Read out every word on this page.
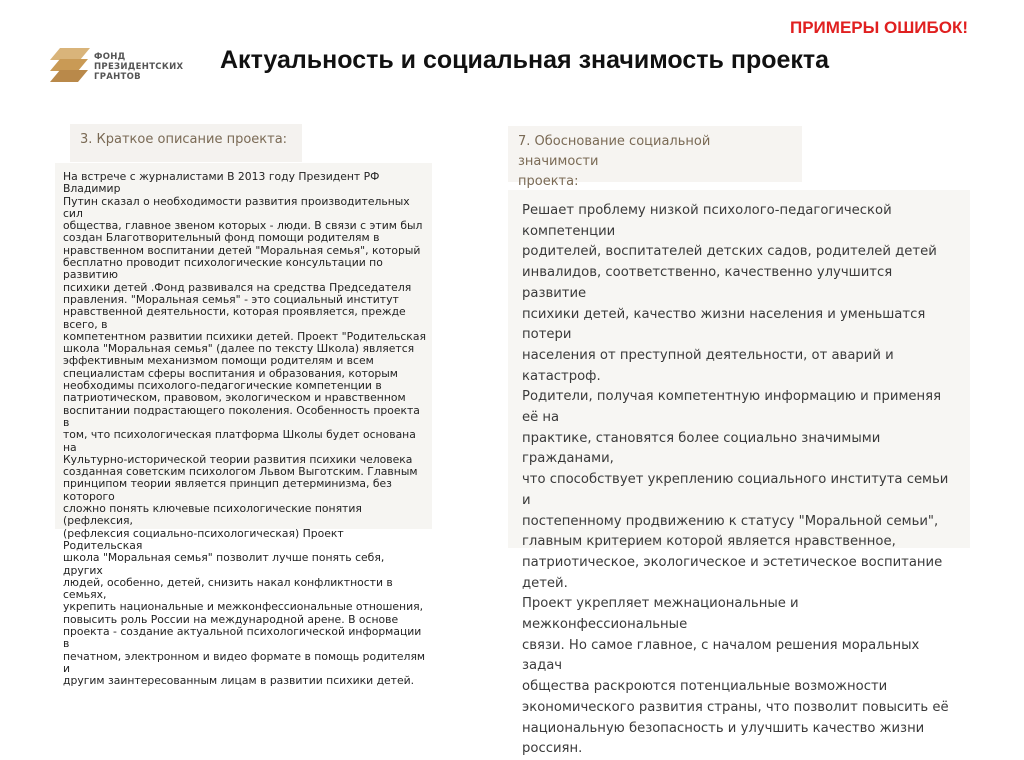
ФОНД
ПРЕЗИДЕНТСКИХ
ГРАНТОВ
ПРИМЕРЫ ОШИБОК!
Актуальность и социальная значимость проекта
3. Краткое описание проекта:

На встрече с журналистами В 2013 году Президент РФ Владимир
Путин сказал о необходимости развития производительных сил
общества, главное звеном которых - люди. В связи с этим был
создан Благотворительный фонд помощи родителям в
нравственном воспитании детей "Моральная семья", который
бесплатно проводит психологические консультации по развитию
психики детей .Фонд развивался на средства Председателя
правления. "Моральная семья" - это социальный институт
нравственной деятельности, которая проявляется, прежде всего, в
компетентном развитии психики детей. Проект "Родительская
школа "Моральная семья" (далее по тексту Школа) является
эффективным механизмом помощи родителям и всем
специалистам сферы воспитания и образования, которым
необходимы психолого-педагогические компетенции в
патриотическом, правовом, экологическом и нравственном
воспитании подрастающего поколения. Особенность проекта в
том, что психологическая платформа Школы будет основана на
Культурно-исторической теории развития психики человека
созданная советским психологом Львом Выготским. Главным
принципом теории является принцип детерминизма, без которого
сложно понять ключевые психологические понятия (рефлексия,
(рефлексия социально-психологическая) Проект Родительская
школа "Моральная семья" позволит лучше понять себя, других
людей, особенно, детей, снизить накал конфликтности в семьях,
укрепить национальные и межконфессиональные отношения,
повысить роль России на международной арене. В основе
проекта - создание актуальной психологической информации в
печатном, электронном и видео формате в помощь родителям и
другим заинтересованным лицам в развитии психики детей.

7. Обоснование социальной значимости
проекта:

Решает проблему низкой психолого-педагогической компетенции
родителей, воспитателей детских садов, родителей детей
инвалидов, соответственно, качественно улучшится развитие
психики детей, качество жизни населения и уменьшатся потери
населения от преступной деятельности, от аварий и катастроф.
Родители, получая компетентную информацию и применяя её на
практике, становятся более социально значимыми гражданами,
что способствует укреплению социального института семьи и
постепенному продвижению к статусу "Моральной семьи",
главным критерием которой является нравственное,
патриотическое, экологическое и эстетическое воспитание детей.
Проект укрепляет межнациональные и межконфессиональные
связи. Но самое главное, с началом решения моральных задач
общества раскроются потенциальные возможности
экономического развития страны, что позволит повысить её
национальную безопасность и улучшить качество жизни россиян.
